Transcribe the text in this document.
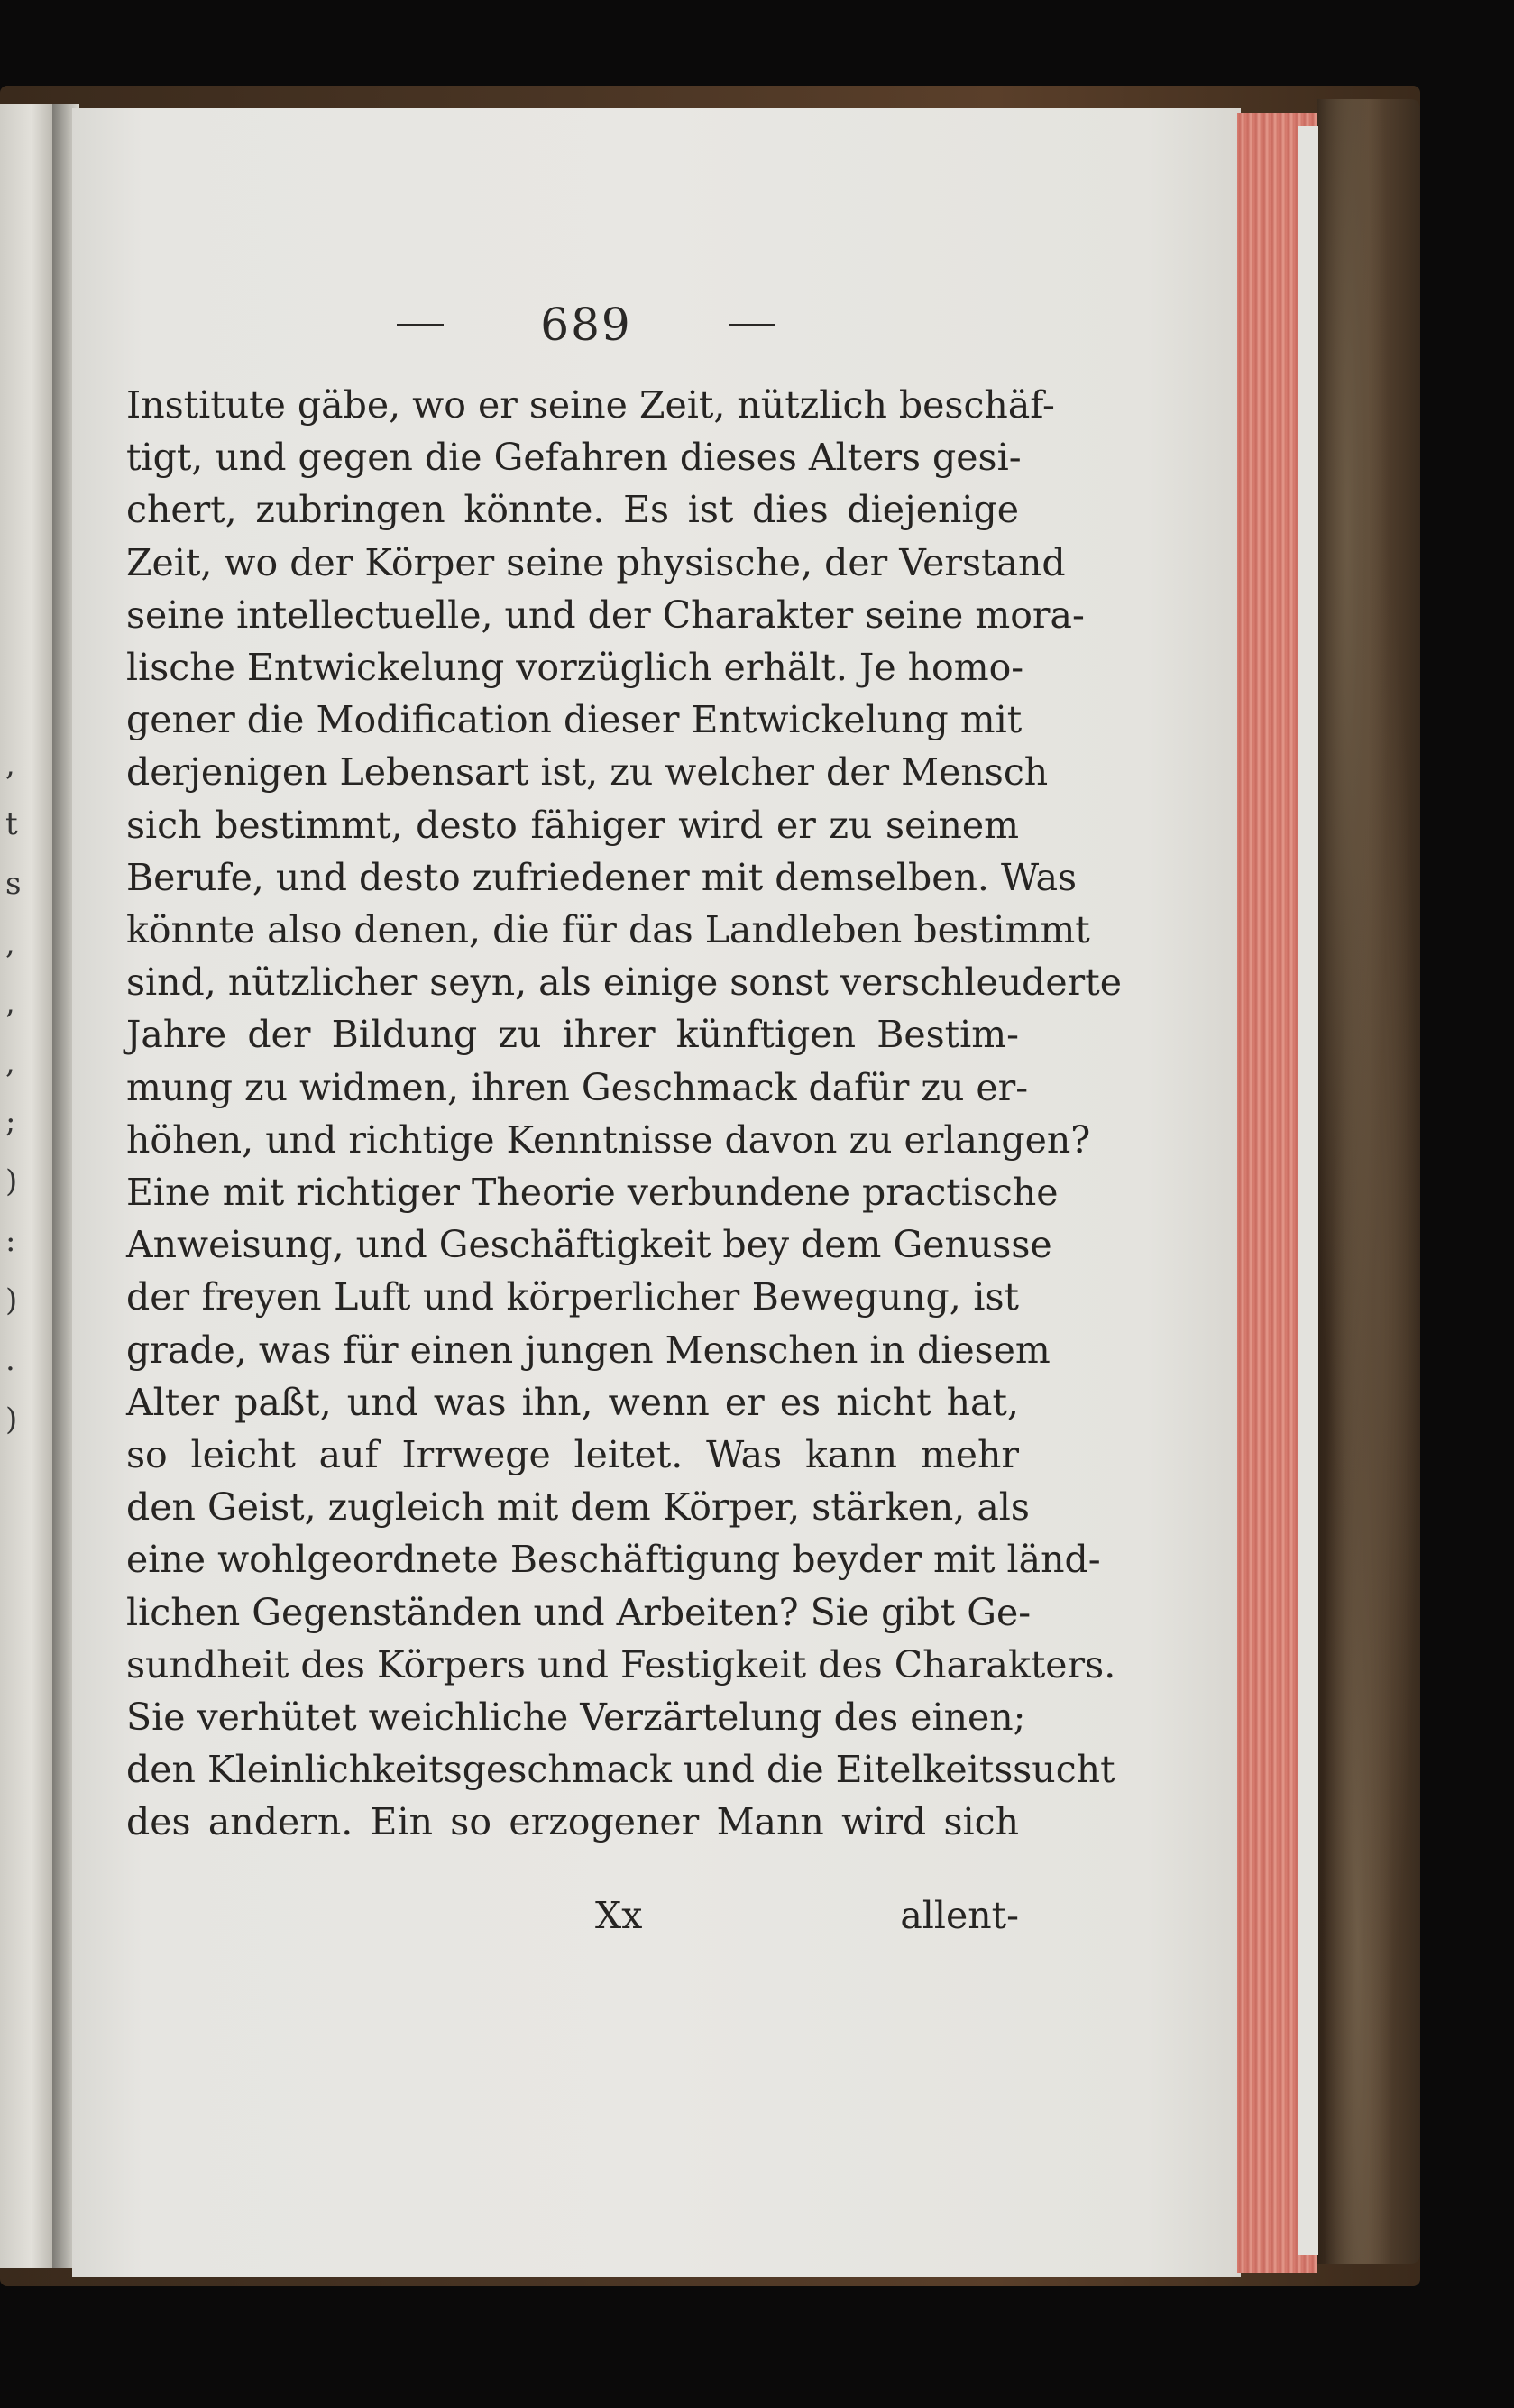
,
t
s
,
,
,
;
)
:
)
.
)
689
Institute gäbe, wo er seine Zeit, nützlich beschäf-
tigt, und gegen die Gefahren dieses Alters gesi-
chert, zubringen könnte. Es ist dies diejenige
Zeit, wo der Körper seine physische, der Verstand
seine intellectuelle, und der Charakter seine mora-
lische Entwickelung vorzüglich erhält. Je homo-
gener die Modification dieser Entwickelung mit
derjenigen Lebensart ist, zu welcher der Mensch
sich bestimmt, desto fähiger wird er zu seinem
Berufe, und desto zufriedener mit demselben. Was
könnte also denen, die für das Landleben bestimmt
sind, nützlicher seyn, als einige sonst verschleuderte
Jahre der Bildung zu ihrer künftigen Bestim-
mung zu widmen, ihren Geschmack dafür zu er-
höhen, und richtige Kenntnisse davon zu erlangen?
Eine mit richtiger Theorie verbundene practische
Anweisung, und Geschäftigkeit bey dem Genusse
der freyen Luft und körperlicher Bewegung, ist
grade, was für einen jungen Menschen in diesem
Alter paßt, und was ihn, wenn er es nicht hat,
so leicht auf Irrwege leitet. Was kann mehr
den Geist, zugleich mit dem Körper, stärken, als
eine wohlgeordnete Beschäftigung beyder mit länd-
lichen Gegenständen und Arbeiten? Sie gibt Ge-
sundheit des Körpers und Festigkeit des Charakters.
Sie verhütet weichliche Verzärtelung des einen;
den Kleinlichkeitsgeschmack und die Eitelkeitssucht
des andern. Ein so erzogener Mann wird sich
Xx	allent-
